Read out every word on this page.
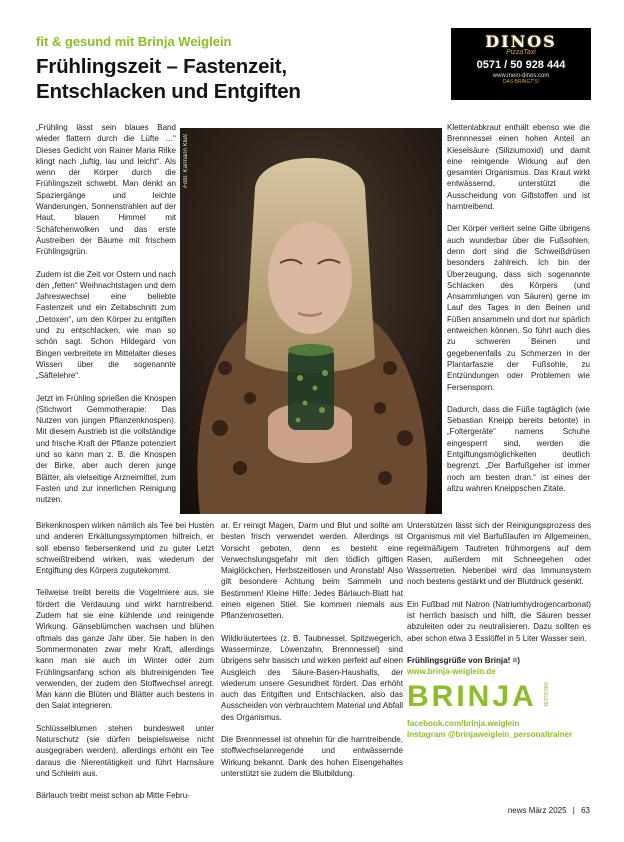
fit & gesund mit Brinja Weiglein
Frühlingszeit – Fastenzeit,
Entschlacken und Entgiften
DINOS
PizzaTaxi
0571 / 50 928 444
www.mein-dinos.com
DAS BRINGT'S!

„Frühling lässt sein blaues Band wieder flattern durch die Lüfte …“ Dieses Gedicht von Rainer Maria Rilke klingt nach „luftig, lau und leicht“. Als wenn der Körper durch die Frühlingszeit schwebt. Man denkt an Spaziergänge und leichte Wanderungen, Sonnenstrahlen auf der Haut, blauen Himmel mit Schäfchenwolken und das erste Austreiben der Bäume mit frischem Frühlingsgrün.

Zudem ist die Zeit vor Ostern und nach den „fetten“ Weihnachtstagen und dem Jahreswechsel eine beliebte Fastenzeit und ein Zeitabschnitt zum „Detoxen“, um den Körper zu entgiften und zu entschlacken, wie man so schön sagt. Schon Hildegard von Bingen verbreitete im Mittelalter dieses Wissen über die sogenannte „Säftelehre“.

Jetzt im Frühling sprießen die Knospen (Stichwort Gemmotherapie: Das Nutzen von jungen Pflanzenknospen). Mit diesem Austrieb ist die vollständige und frische Kraft der Pflanze potenziert und so kann man z. B. die Knospen der Birke, aber auch deren junge Blätter, als vielseitige Arzneimittel, zum Fasten und zur innerlichen Reinigung nutzen.

Foto: Karmann Kluß

Birkenknospen wirken nämlich als Tee bei Husten und anderen Erkältungssymptomen hilfreich, er soll ebenso fiebersenkend und zu guter Letzt schweißtreibend wirken, was wiederum der Entgiftung des Körpers zugutekommt.

Teilweise treibt bereits die Vogelmiere aus, sie fördert die Verdauung und wirkt harntreibend. Zudem hat sie eine kühlende und reinigende Wirkung. Gänseblümchen wachsen und blühen oftmals das ganze Jahr über. Sie haben in den Sommermonaten zwar mehr Kraft, allerdings kann man sie auch im Winter oder zum Frühlingsanfang schon als blutreinigenden Tee verwenden, der zudem den Stoffwechsel anregt. Man kann die Blüten und Blätter auch bestens in den Salat integrieren.

Schlüsselblumen stehen bundesweit unter Naturschutz (sie dürfen beispielsweise nicht ausgegraben werden), allerdings erhöht ein Tee daraus die Nierentätigkeit und führt Harnsäure und Schleim aus.

Bärlauch treibt meist schon ab Mitte Febru-

ar. Er reinigt Magen, Darm und Blut und sollte am besten frisch verwendet werden. Allerdings ist Vorsicht geboten, denn es besteht eine Verwechslungsgefahr mit den tödlich giftigen Maiglöckchen, Herbstzeitlosen und Aronstab! Also gilt besondere Achtung beim Sammeln und Bestimmen! Kleine Hilfe: Jedes Bärlauch-Blatt hat einen eigenen Stiel. Sie kommen niemals aus Pflanzenrosetten.

Wildkräutertees (z. B. Taubnessel, Spitzwegerich, Wasserminze, Löwenzahn, Brennnessel) sind übrigens sehr basisch und wirken perfekt auf einen Ausgleich des Säure-Basen-Haushalts, der wiederum unsere Gesundheit fördert. Das erhöht auch das Entgiften und Entschlacken, also das Ausscheiden von verbrauchtem Material und Abfall des Organismus.

Die Brennnessel ist ohnehin für die harntreibende, stoffwechselanregende und entwässernde Wirkung bekannt. Dank des hohen Eisengehaltes unterstützt sie zudem die Blutbildung.

Klettenlabkraut enthält ebenso wie die Brennnessel einen hohen Anteil an Kieselsäure (Siliziumoxid) und damit eine reinigende Wirkung auf den gesamten Organismus. Das Kraut wirkt entwässernd, unterstützt die Ausscheidung von Giftstoffen und ist harntreibend.

Der Körper verliert seine Gifte übrigens auch wunderbar über die Fußsohlen, denn dort sind die Schweißdrüsen besonders zahlreich. Ich bin der Überzeugung, dass sich sogenannte Schlacken des Körpers (und Ansammlungen von Säuren) gerne im Lauf des Tages in den Beinen und Füßen ansammeln und dort nur spärlich entweichen können. So führt auch dies zu schweren Beinen und gegebenenfalls zu Schmerzen in der Plantarfaszie der Fußsohle, zu Entzündungen oder Problemen wie Fersensporn.

Dadurch, dass die Füße tagtäglich (wie Sebastian Kneipp bereits betonte) in „Foltergeräte“ namens Schuhe eingesperrt sind, werden die Entgiftungsmöglichkeiten deutlich begrenzt. „Der Barfußgeher ist immer noch am besten dran.“ ist eines der allzu wahren Kneippschen Zitate.

Unterstützen lässt sich der Reinigungsprozess des Organismus mit viel Barfußlaufen im Allgemeinen, regelmäßigem Tautreten frühmorgens auf dem Rasen, außerdem mit Schneegehen oder Wassertreten. Nebenbei wird das Immunsystem noch bestens gestärkt und der Blutdruck gesenkt.

Ein Fußbad mit Natron (Natriumhydrogencarbonat) ist herrlich basisch und hilft, die Säuren besser abzuleiten oder zu neutralisieren. Dazu sollten es aber schon etwa 3 Esslöffel in 5 Liter Wasser sein.

Frühlingsgrüße von Brinja! =)
www.brinja-weiglein.de
BRINJA WEIGLEIN
facebook.com/brinja.weiglein
Instagram @brinjaweiglein_personaltrainer
news März 2025 | 63
